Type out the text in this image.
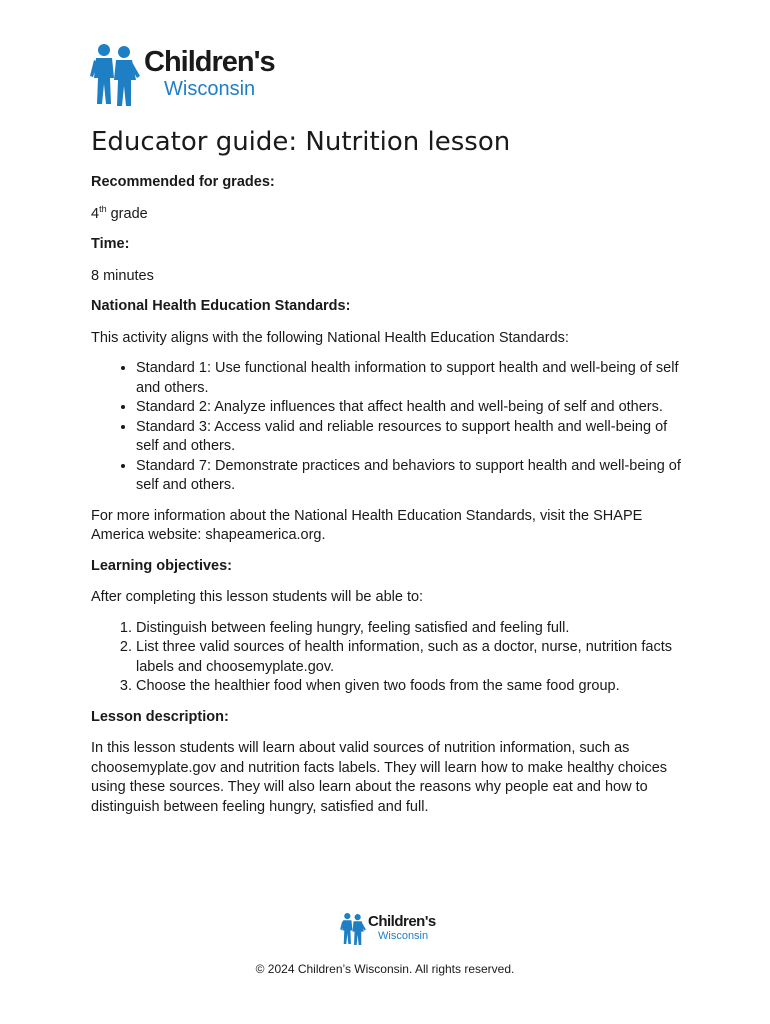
Children's
Wisconsin
Educator guide: Nutrition lesson

Recommended for grades:

4th grade

Time:

8 minutes

National Health Education Standards:

This activity aligns with the following National Health Education Standards:

• Standard 1: Use functional health information to support health and well-being of self and others.
• Standard 2: Analyze influences that affect health and well-being of self and others.
• Standard 3: Access valid and reliable resources to support health and well-being of self and others.
• Standard 7: Demonstrate practices and behaviors to support health and well-being of self and others.

For more information about the National Health Education Standards, visit the SHAPE America website: shapeamerica.org.

Learning objectives:

After completing this lesson students will be able to:

1. Distinguish between feeling hungry, feeling satisfied and feeling full.
2. List three valid sources of health information, such as a doctor, nurse, nutrition facts labels and choosemyplate.gov.
3. Choose the healthier food when given two foods from the same food group.

Lesson description:

In this lesson students will learn about valid sources of nutrition information, such as choosemyplate.gov and nutrition facts labels. They will learn how to make healthy choices using these sources. They will also learn about the reasons why people eat and how to distinguish between feeling hungry, satisfied and full.

Children's
Wisconsin
© 2024 Children’s Wisconsin. All rights reserved.
